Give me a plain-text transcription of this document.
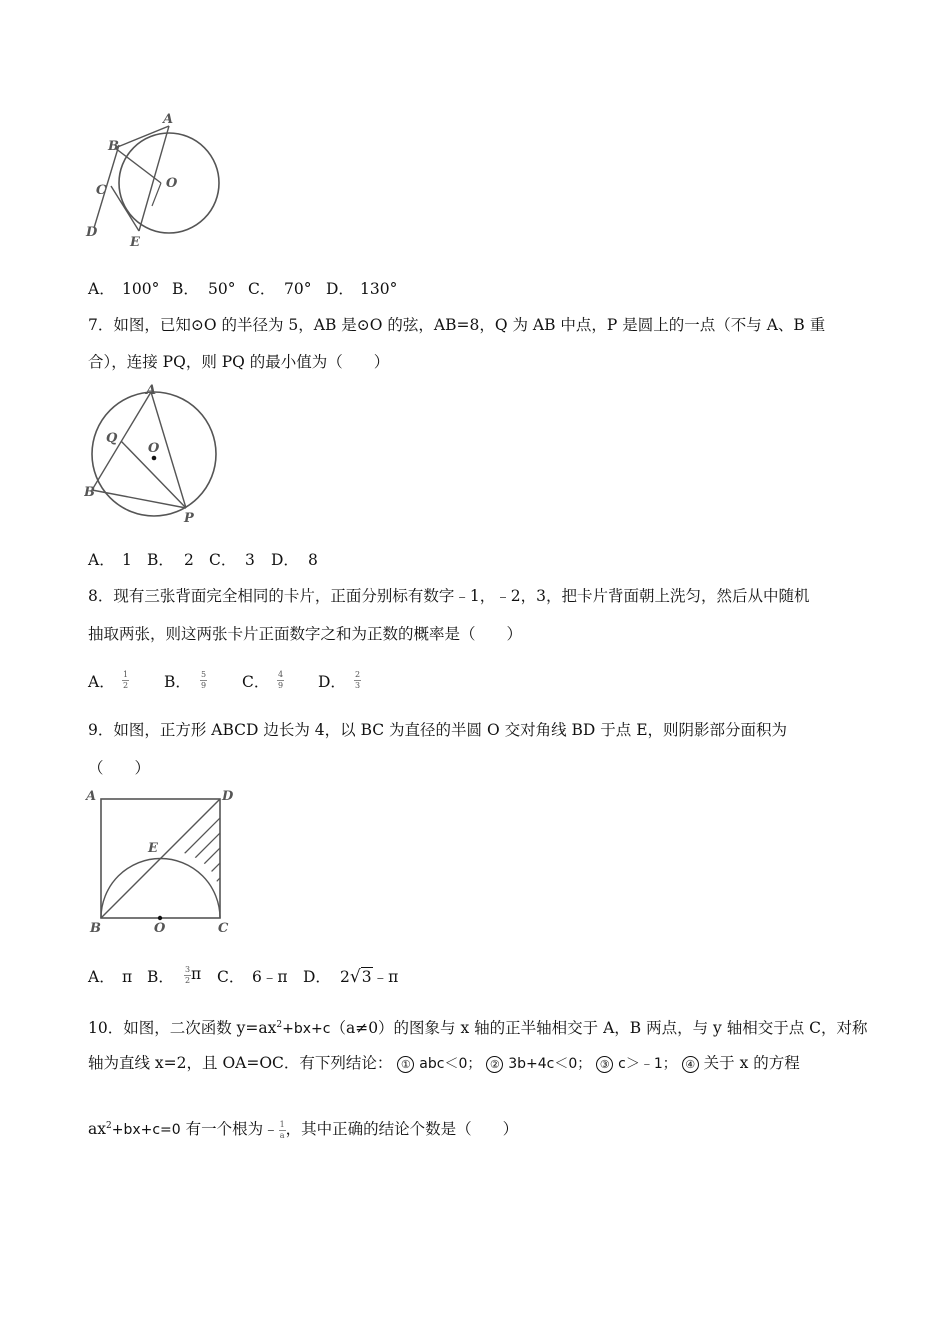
A
B
C	O
D
E
A． 100° B． 50° C． 70° D． 130°
7．如图，已知⊙O 的半径为 5，AB 是⊙O 的弦，AB=8，Q 为 AB 中点，P 是圆上的一点（不与 A、B 重
合），连接 PQ，则 PQ 的最小值为（　　）
A
Q
O
B
P
A． 1 B． 2 C． 3 D． 8
8．现有三张背面完全相同的卡片，正面分别标有数字﹣1，﹣2，3，把卡片背面朝上洗匀，然后从中随机
抽取两张，则这两张卡片正面数字之和为正数的概率是（　　）
A． $\frac{1}{2}$ B． $\frac{5}{9}$ C． $\frac{4}{9}$ D． $\frac{2}{3}$
9．如图，正方形 ABCD 边长为 4，以 BC 为直径的半圆 O 交对角线 BD 于点 E，则阴影部分面积为
（　　）
A	D
E
B	O	C
A． π B． $\frac{3}{2}$ π C． 6﹣π D． 2√3﹣π
10．如图，二次函数 $y=ax^2+bx+c(a\ne 0)$的图象与 x 轴的正半轴相交于 A，B 两点，与 y 轴相交于点 C，对称
轴为直线 x=2，且 OA=OC．有下列结论： ① abc＜0； ② 3b+4c＜0； ③ c＞﹣1； ④ 关于 x 的方程
$ax^2+bx+c=0$ 有一个根为﹣ $\frac{1}{a}$ ，其中正确的结论个数是（　　）
